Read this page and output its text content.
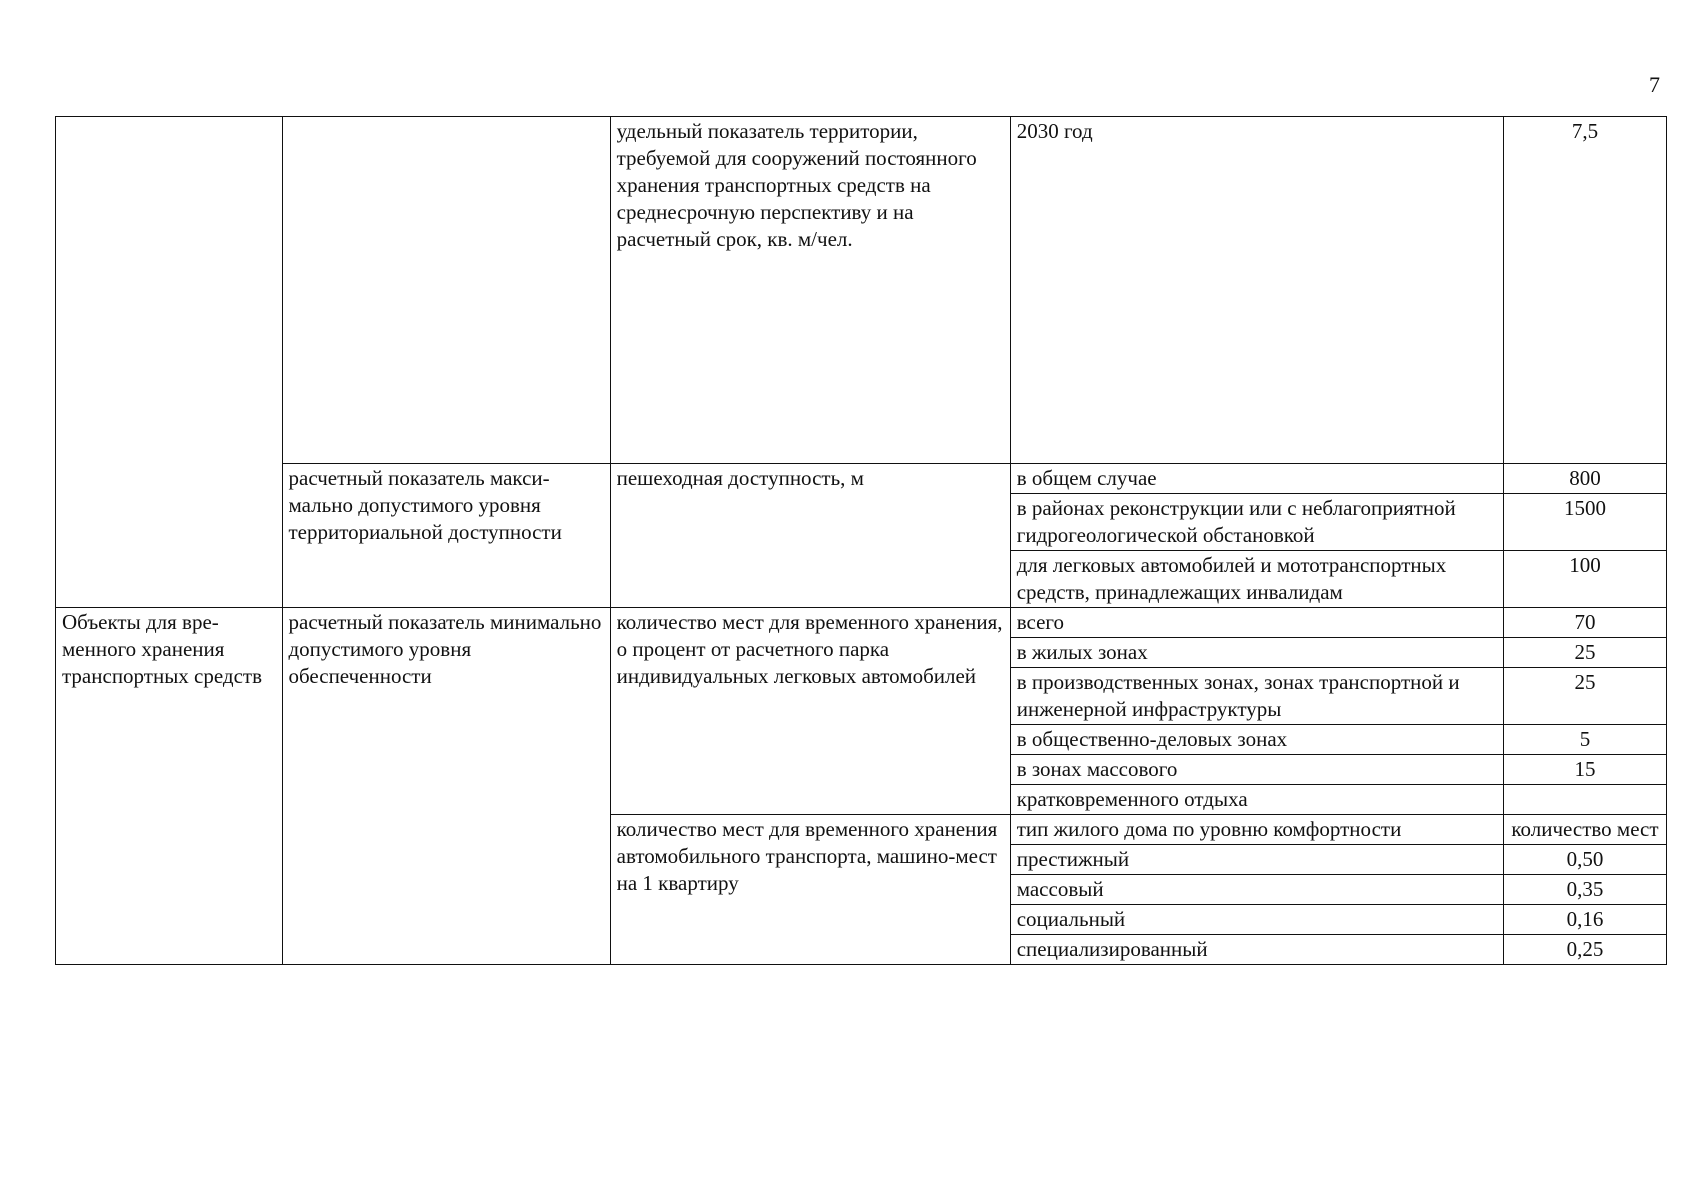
7
		удельный показатель территории, требуемой для сооружений постоянного хранения транспортных средств на среднесрочную перспективу и на расчетный срок, кв. м/чел.	2030 год	7,5
	расчетный показатель максимально допустимого уровня территориальной доступности	пешеходная доступность, м	в общем случае	800
			в районах реконструкции или с неблагоприятной гидрогеологической обстановкой	1500
			для легковых автомобилей и мототранспортных средств, принадлежащих инвалидам	100
Объекты для временного хранения транспортных средств	расчетный показатель минимально допустимого уровня обеспеченности	количество мест для временного хранения, о процент от расчетного парка индивидуальных легковых автомобилей	всего	70
			в жилых зонах	25
			в производственных зонах, зонах транспортной и инженерной инфраструктуры	25
			в общественно-деловых зонах	5
			в зонах массового	15
			кратковременного отдыха	
		количество мест для временного хранения автомобильного транспорта, машино-мест на 1 квартиру	тип жилого дома по уровню комфортности	количество мест
			престижный	0,50
			массовый	0,35
			социальный	0,16
			специализированный	0,25
